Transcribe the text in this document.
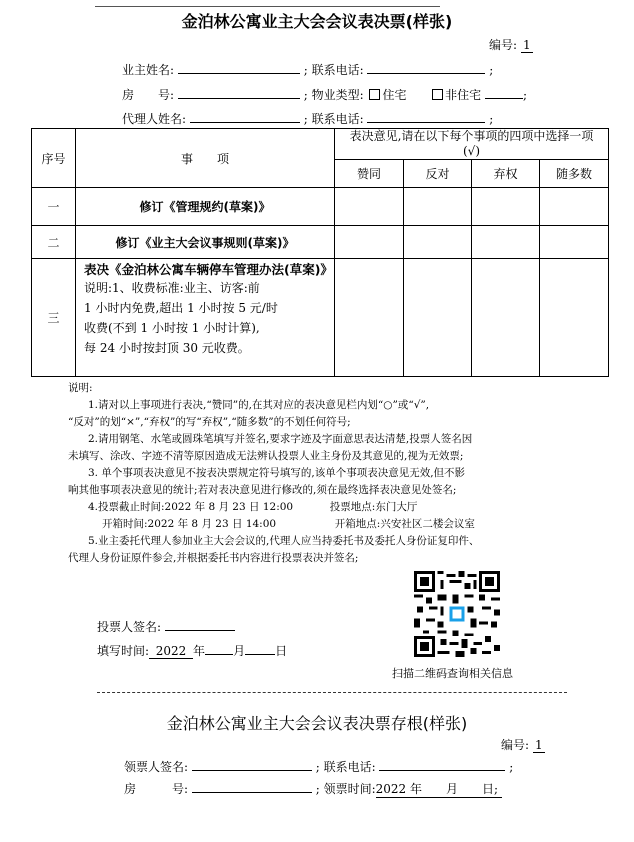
金泊林公寓业主大会会议表决票(样张)
编号: 1
业主姓名:	; 联系电话:	;
房 号:	; 物业类型: 住宅	非住宅	;
代理人姓名:	; 联系电话:	;
序号	事　　项	表决意见,请在以下每个事项的四项中选择一项(√)			
		赞同	反对	弃权	随多数
一	修订《管理规约(草案)》				
二	修订《业主大会议事规则(草案)》				
三	表决《金泊林公寓车辆停车管理办法(草案)》
说明:1、收费标准:业主、访客:前
1 小时内免费,超出 1 小时按 5 元/时
收费(不到 1 小时按 1 小时计算),
每 24 小时按封顶 30 元收费。				

说明:
1.请对以上事项进行表决,“赞同”的,在其对应的表决意见栏内划“○”或“√”,
“反对”的划“×”,“弃权”的写“弃权”,“随多数”的不划任何符号;
2.请用钢笔、水笔或圆珠笔填写并签名,要求字迹及字面意思表达清楚,投票人签名因
未填写、涂改、字迹不清等原因造成无法辨认投票人业主身份及其意见的,视为无效票;
3. 单个事项表决意见不按表决票规定符号填写的,该单个事项表决意见无效,但不影
响其他事项表决意见的统计;若对表决意见进行修改的,须在最终选择表决意见处签名;
4.投票截止时间:2022 年 8 月 23 日 12:00	投票地点:东门大厅
开箱时间:2022 年 8 月 23 日 14:00	开箱地点:兴安社区二楼会议室
5.业主委托代理人参加业主大会会议的,代理人应当持委托书及委托人身份证复印件、
代理人身份证原件参会,并根据委托书内容进行投票表决并签名;
投票人签名:
填写时间: 2022 年 月	日
扫描二维码查询相关信息
金泊林公寓业主大会会议表决票存根(样张)
编号: 1
领票人签名:	; 联系电话:	;
房	号:	; 领票时间:2022 年 月 日;
